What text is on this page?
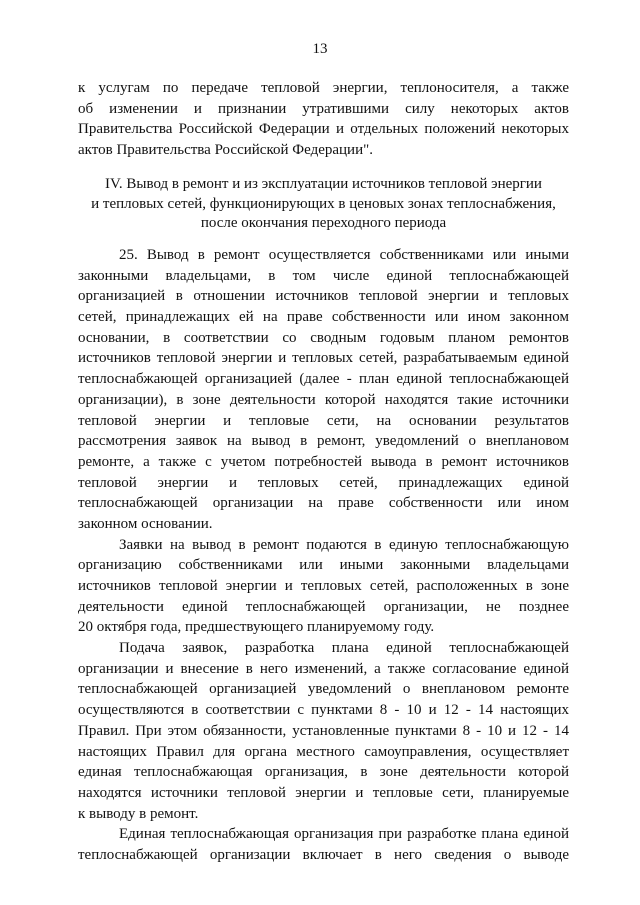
13
к услугам по передаче тепловой энергии, теплоносителя, а также
об изменении и признании утратившими силу некоторых актов
Правительства Российской Федерации и отдельных положений некоторых
актов Правительства Российской Федерации".
IV. Вывод в ремонт и из эксплуатации источников тепловой энергии
и тепловых сетей, функционирующих в ценовых зонах теплоснабжения,
после окончания переходного периода
25. Вывод в ремонт осуществляется собственниками или иными
законными владельцами, в том числе единой теплоснабжающей
организацией в отношении источников тепловой энергии и тепловых
сетей, принадлежащих ей на праве собственности или ином законном
основании, в соответствии со сводным годовым планом ремонтов
источников тепловой энергии и тепловых сетей, разрабатываемым единой
теплоснабжающей организацией (далее - план единой теплоснабжающей
организации), в зоне деятельности которой находятся такие источники
тепловой энергии и тепловые сети, на основании результатов
рассмотрения заявок на вывод в ремонт, уведомлений о внеплановом
ремонте, а также с учетом потребностей вывода в ремонт источников
тепловой энергии и тепловых сетей, принадлежащих единой
теплоснабжающей организации на праве собственности или ином
законном основании.
Заявки на вывод в ремонт подаются в единую теплоснабжающую
организацию собственниками или иными законными владельцами
источников тепловой энергии и тепловых сетей, расположенных в зоне
деятельности единой теплоснабжающей организации, не позднее
20 октября года, предшествующего планируемому году.
Подача заявок, разработка плана единой теплоснабжающей
организации и внесение в него изменений, а также согласование единой
теплоснабжающей организацией уведомлений о внеплановом ремонте
осуществляются в соответствии с пунктами 8 - 10 и 12 - 14 настоящих
Правил. При этом обязанности, установленные пунктами 8 - 10 и 12 - 14
настоящих Правил для органа местного самоуправления, осуществляет
единая теплоснабжающая организация, в зоне деятельности которой
находятся источники тепловой энергии и тепловые сети, планируемые
к выводу в ремонт.
Единая теплоснабжающая организация при разработке плана единой
теплоснабжающей организации включает в него сведения о выводе
